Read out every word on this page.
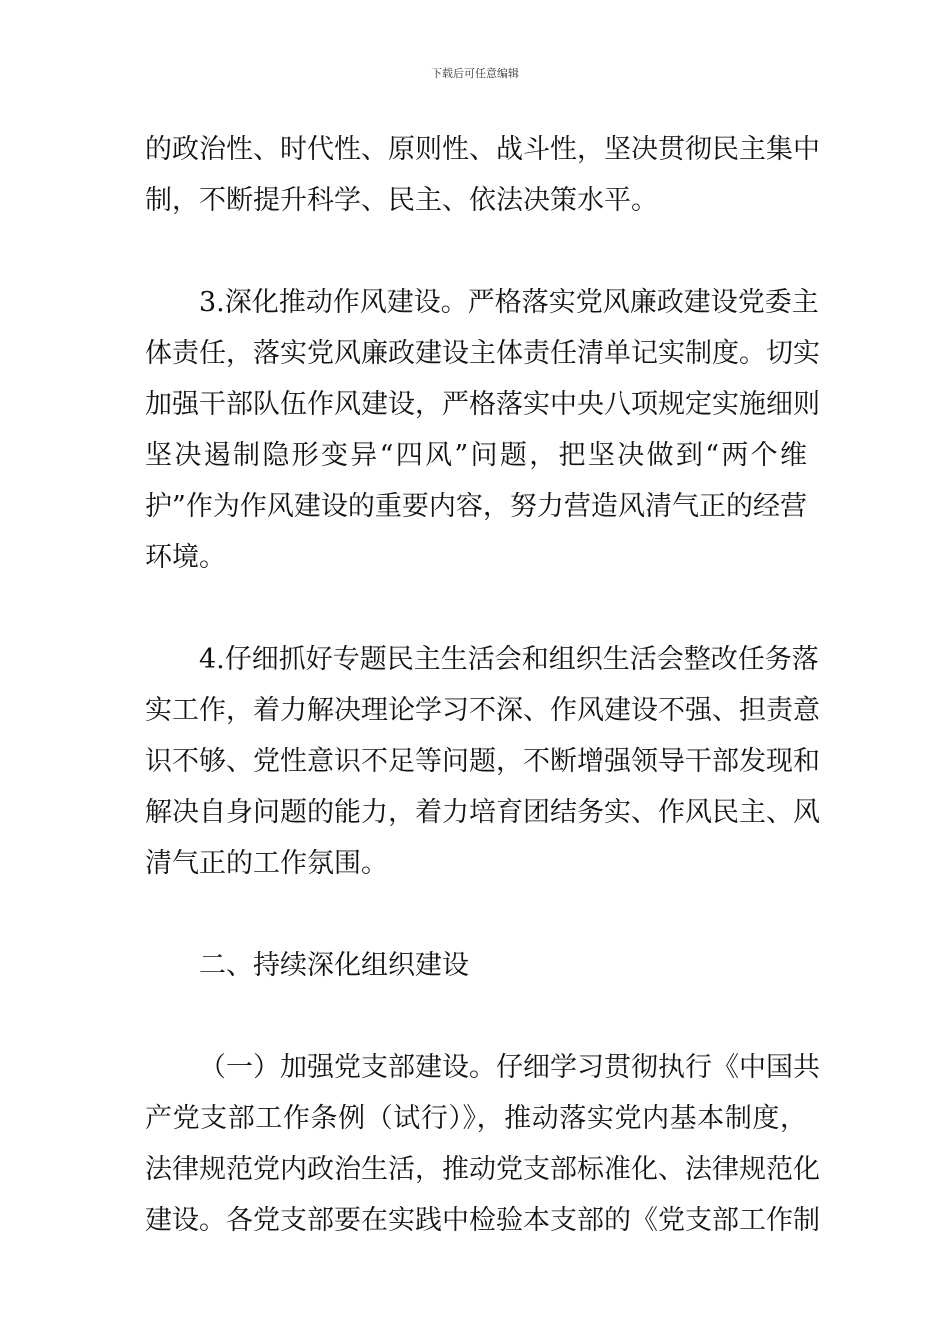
下载后可任意编辑
的政治性、时代性、原则性、战斗性，坚决贯彻民主集中
制，不断提升科学、民主、依法决策水平。
3.深化推动作风建设。严格落实党风廉政建设党委主
体责任，落实党风廉政建设主体责任清单记实制度。切实
加强干部队伍作风建设，严格落实中央八项规定实施细则
坚决遏制隐形变异“四风”问题，把坚决做到“两个维
护”作为作风建设的重要内容，努力营造风清气正的经营
环境。
4.仔细抓好专题民主生活会和组织生活会整改任务落
实工作，着力解决理论学习不深、作风建设不强、担责意
识不够、党性意识不足等问题，不断增强领导干部发现和
解决自身问题的能力，着力培育团结务实、作风民主、风
清气正的工作氛围。
二、持续深化组织建设
（一）加强党支部建设。仔细学习贯彻执行《中国共
产党支部工作条例（试行）》，推动落实党内基本制度，
法律规范党内政治生活，推动党支部标准化、法律规范化
建设。各党支部要在实践中检验本支部的《党支部工作制
